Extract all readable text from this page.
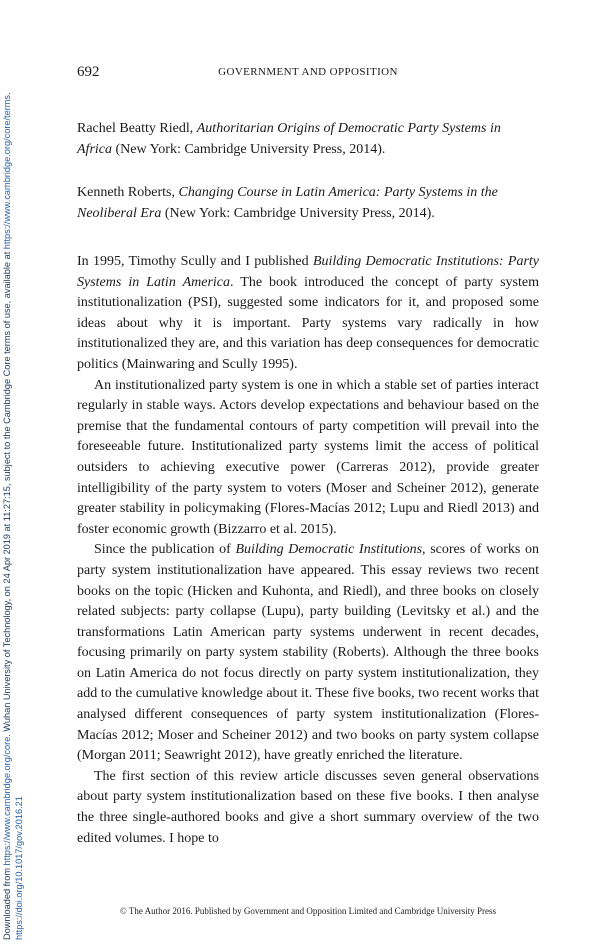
Downloaded from https://www.cambridge.org/core. Wuhan University of Technology, on 24 Apr 2019 at 11:27:15, subject to the Cambridge Core terms of use, available at https://www.cambridge.org/core/terms.
https://doi.org/10.1017/gov.2016.21
692	GOVERNMENT AND OPPOSITION

Rachel Beatty Riedl, Authoritarian Origins of Democratic Party Systems in Africa (New York: Cambridge University Press, 2014).

Kenneth Roberts, Changing Course in Latin America: Party Systems in the Neoliberal Era (New York: Cambridge University Press, 2014).

In 1995, Timothy Scully and I published Building Democratic Institutions: Party Systems in Latin America. The book introduced the concept of party system institutionalization (PSI), suggested some indicators for it, and proposed some ideas about why it is important. Party systems vary radically in how institutionalized they are, and this variation has deep consequences for democratic politics (Mainwaring and Scully 1995).

An institutionalized party system is one in which a stable set of parties interact regularly in stable ways. Actors develop expectations and behaviour based on the premise that the fundamental contours of party competition will prevail into the foreseeable future. Institutionalized party systems limit the access of political outsiders to achieving executive power (Carreras 2012), provide greater intelligibility of the party system to voters (Moser and Scheiner 2012), generate greater stability in policymaking (Flores-Macías 2012; Lupu and Riedl 2013) and foster economic growth (Bizzarro et al. 2015).

Since the publication of Building Democratic Institutions, scores of works on party system institutionalization have appeared. This essay reviews two recent books on the topic (Hicken and Kuhonta, and Riedl), and three books on closely related subjects: party collapse (Lupu), party building (Levitsky et al.) and the transformations Latin American party systems underwent in recent decades, focusing primarily on party system stability (Roberts). Although the three books on Latin America do not focus directly on party system institutionalization, they add to the cumulative knowledge about it. These five books, two recent works that analysed different consequences of party system institutionalization (Flores-Macías 2012; Moser and Scheiner 2012) and two books on party system collapse (Morgan 2011; Seawright 2012), have greatly enriched the literature.

The first section of this review article discusses seven general observations about party system institutionalization based on these five books. I then analyse the three single-authored books and give a short summary overview of the two edited volumes. I hope to

© The Author 2016. Published by Government and Opposition Limited and Cambridge University Press
